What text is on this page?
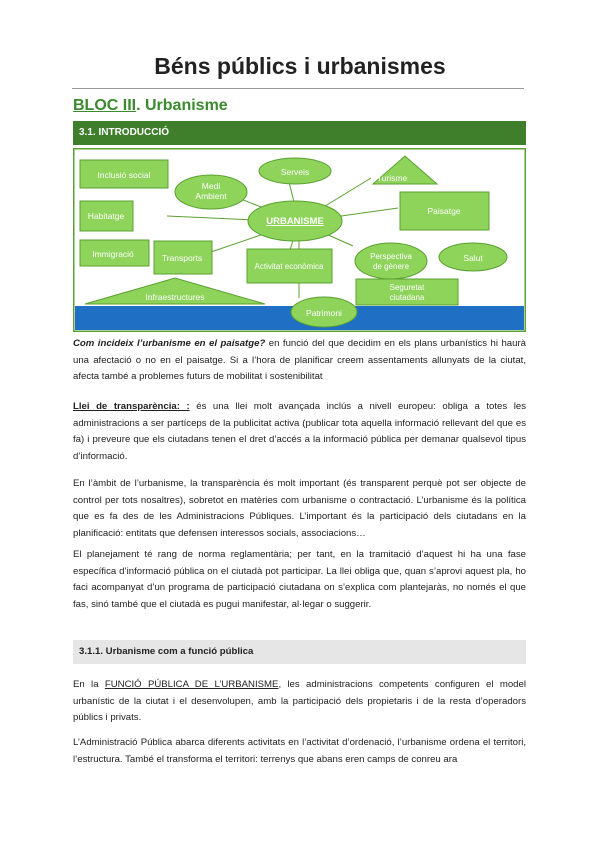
Béns públics i urbanismes
BLOC III. Urbanisme
3.1. INTRODUCCIÓ
Inclusió social
Medi
Ambient
Serveis
Turisme
Habitatge	URBANISME
Paisatge
Immigració	Transports
Activitat econòmica
Perspectiva
de gènere
Salut
Infraestructures
Seguretat
ciutadana
Patrimoni
Com incideix l’urbanisme en el paisatge? en funció del que decidim en els plans urbanístics hi haurà una afectació o no en el paisatge. Si a l’hora de planificar creem assentaments allunyats de la ciutat, afecta també a problemes futurs de mobilitat i sostenibilitat
Llei de transparència: : és una llei molt avançada inclús a nivell europeu: obliga a totes les administracions a ser partíceps de la publicitat activa (publicar tota aquella informació rellevant del que es fa) i preveure que els ciutadans tenen el dret d’accés a la informació pública per demanar qualsevol tipus d’informació.
En l’àmbit de l’urbanisme, la transparència és molt important (és transparent perquè pot ser objecte de control per tots nosaltres), sobretot en matèries com urbanisme o contractació. L’urbanisme és la política que es fa des de les Administracions Públiques. L’important és la participació dels ciutadans en la planificació: entitats que defensen interessos socials, associacions…
El planejament té rang de norma reglamentària; per tant, en la tramitació d’aquest hi ha una fase específica d’informació pública on el ciutadà pot participar. La llei obliga que, quan s’aprovi aquest pla, ho faci acompanyat d’un programa de participació ciutadana on s’explica com plantejaràs, no només el que fas, sinó també que el ciutadà es pugui manifestar, al·legar o suggerir.
3.1.1. Urbanisme com a funció pública
En la FUNCIÓ PÚBLICA DE L’URBANISME, les administracions competents configuren el model urbanístic de la ciutat i el desenvolupen, amb la participació dels propietaris i de la resta d’operadors públics i privats.
L’Administració Pública abarca diferents activitats en l’activitat d’ordenació, l’urbanisme ordena el territori, l’estructura. També el transforma el territori: terrenys que abans eren camps de conreu ara
